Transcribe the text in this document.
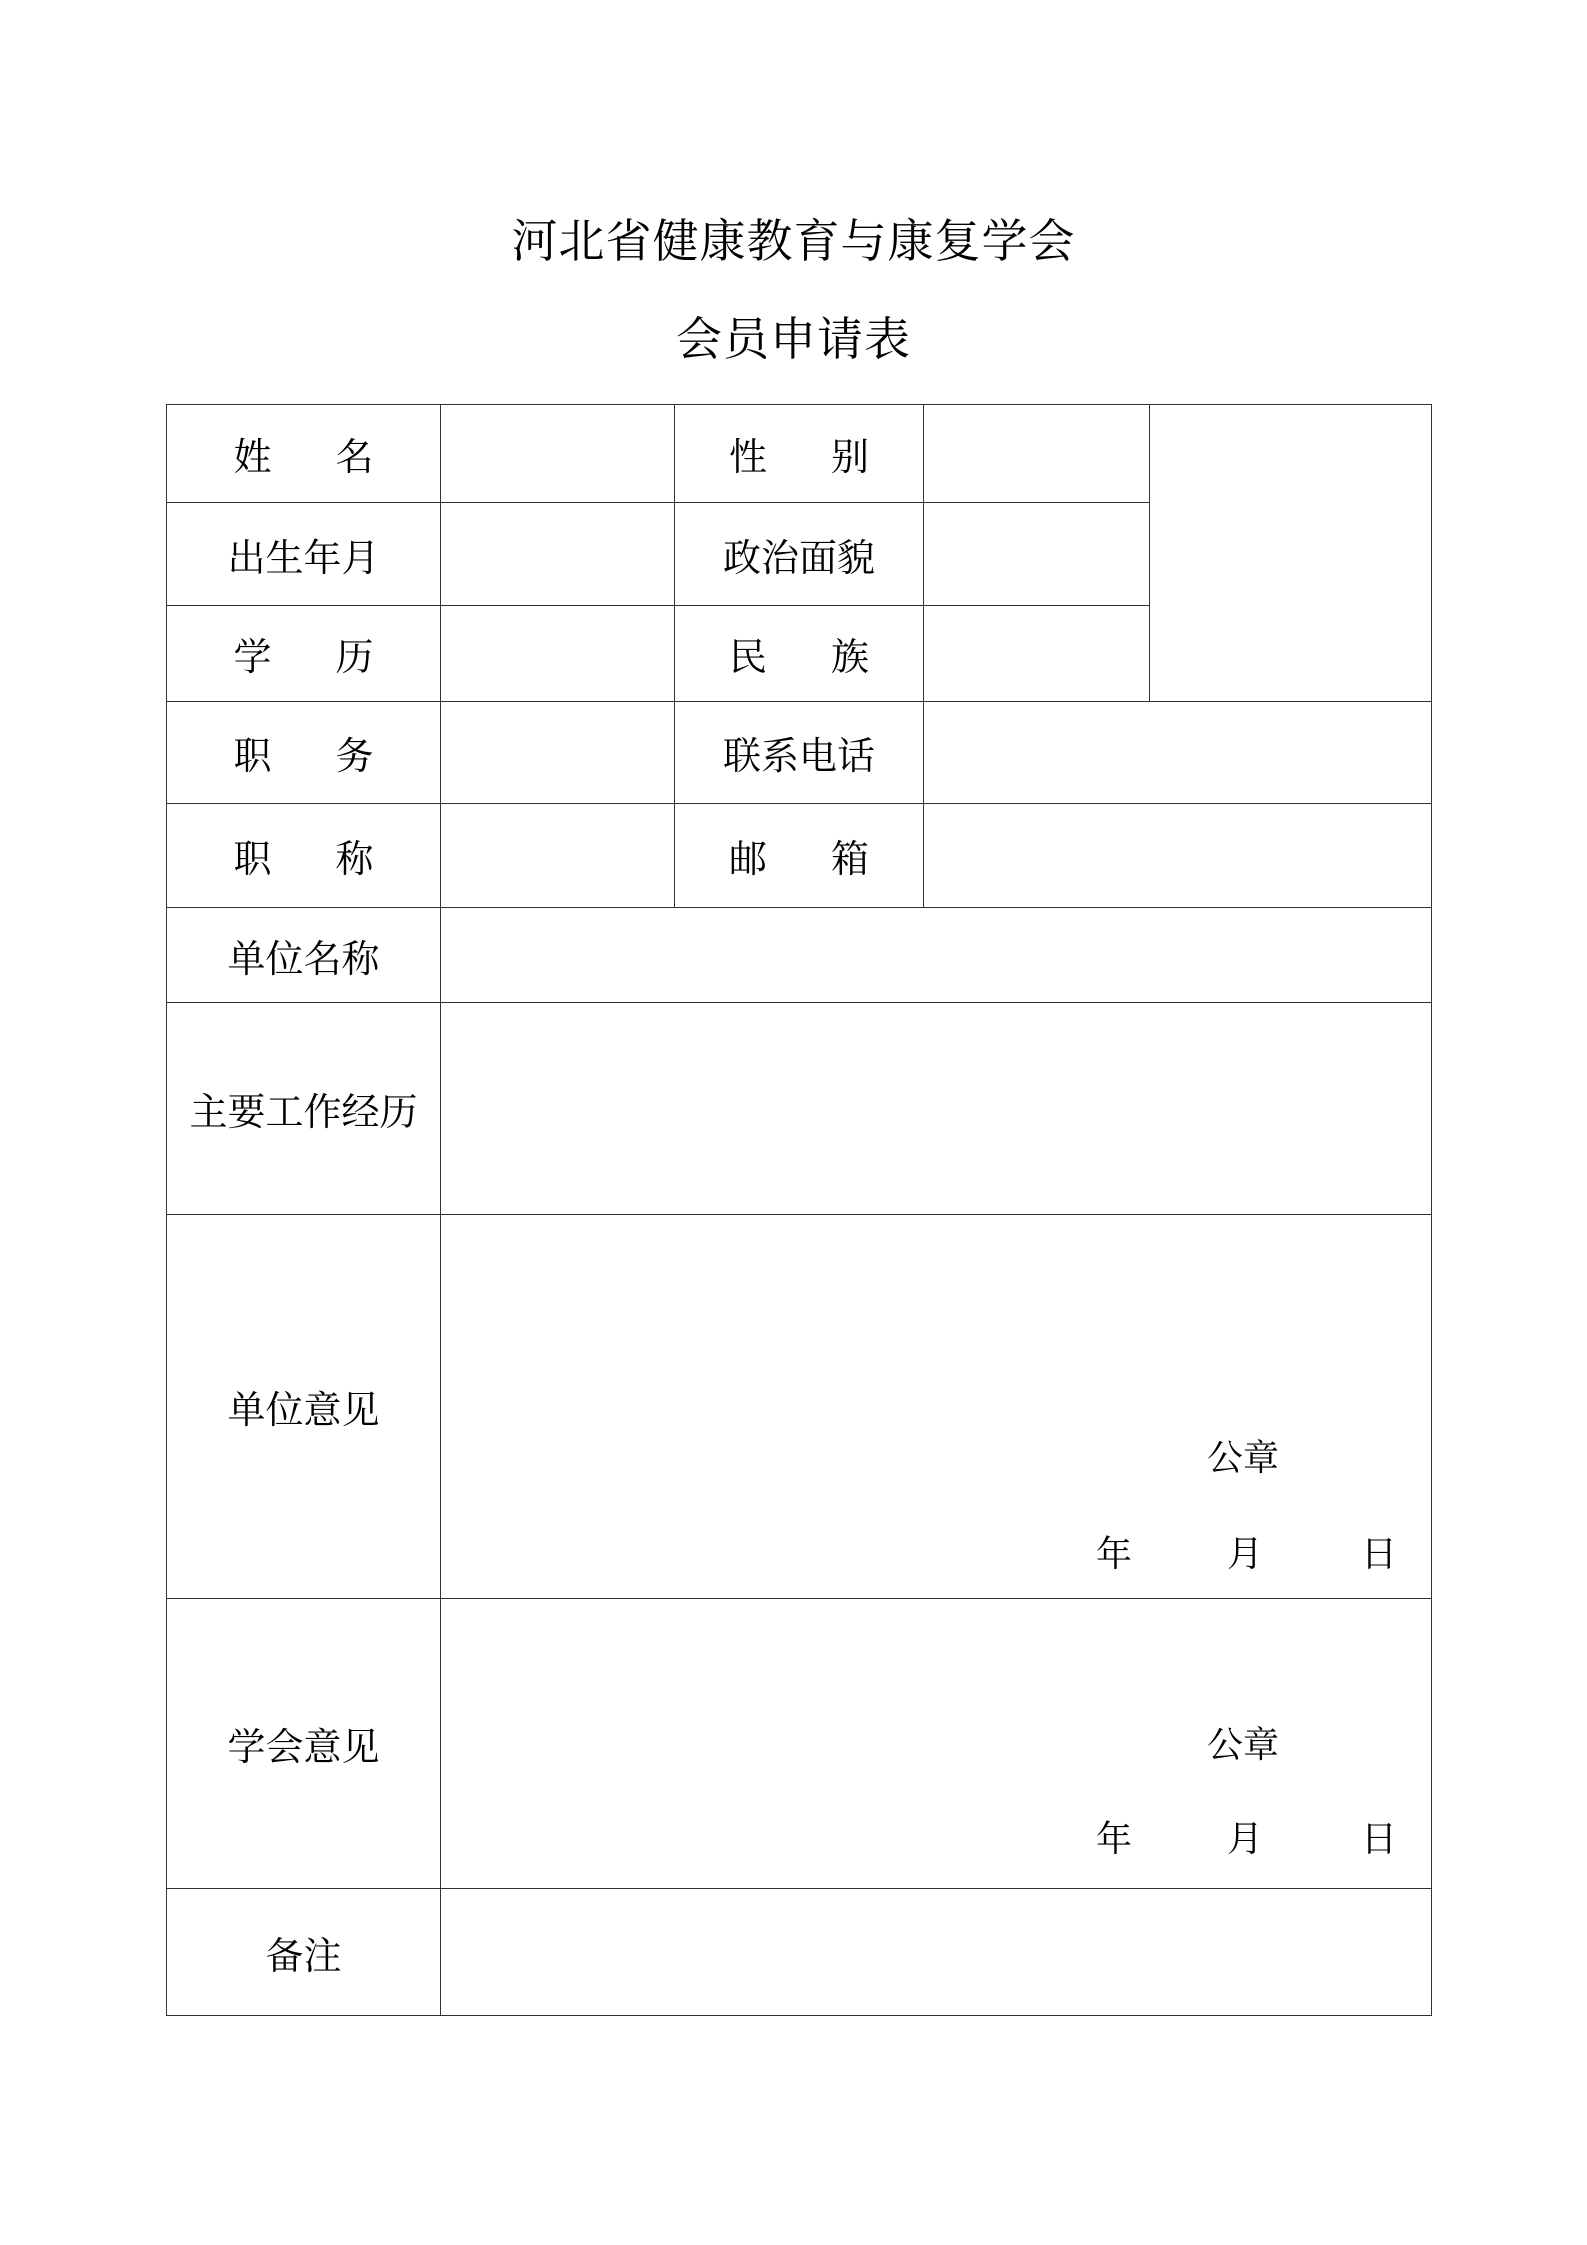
河北省健康教育与康复学会
会员申请表
姓 名		性 别		
出生年月		政治面貌		
学 历		民 族		
职 务		联系电话		
职 称		邮 箱		
单位名称				
主要工作经历				
单位意见	公章
年 月 日			

学会意见	公章
年 月 日			

备注				
